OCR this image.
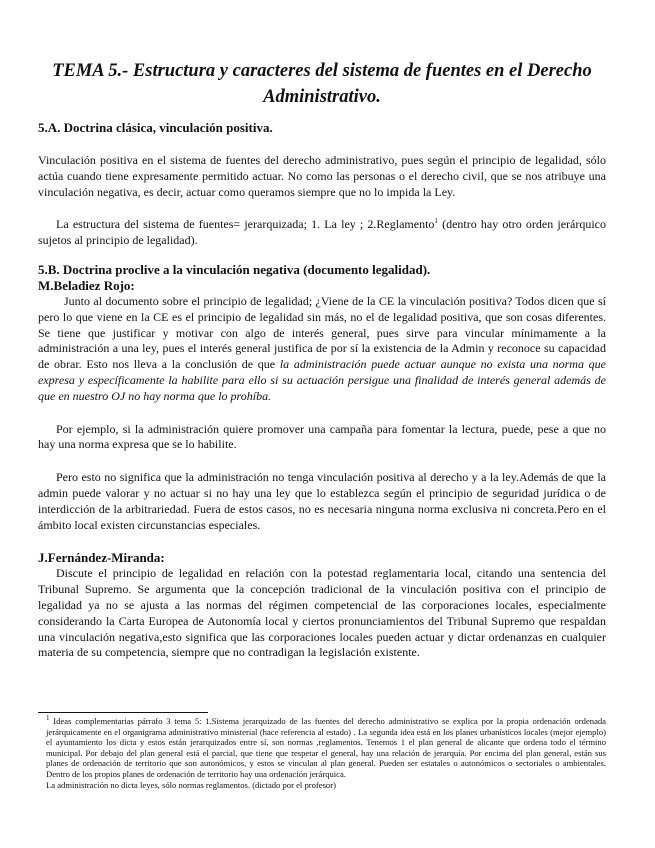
TEMA 5.- Estructura y caracteres del sistema de fuentes en el Derecho Administrativo.
5.A. Doctrina clásica, vinculación positiva.

Vinculación positiva en el sistema de fuentes del derecho administrativo, pues según el principio de legalidad, sólo actúa cuando tiene expresamente permitido actuar. No como las personas o el derecho civil, que se nos atribuye una vinculación negativa, es decir, actuar como queramos siempre que no lo impida la Ley.

La estructura del sistema de fuentes= jerarquizada; 1. La ley ; 2.Reglamento$^1$ (dentro hay otro orden jerárquico sujetos al principio de legalidad).

5.B. Doctrina proclive a la vinculación negativa (documento legalidad).
M.Beladiez Rojo:

Junto al documento sobre el principio de legalidad; ¿Viene de la CE la vinculación positiva? Todos dicen que sí pero lo que viene en la CE es el principio de legalidad sin más, no el de legalidad positiva, que son cosas diferentes. Se tiene que justificar y motivar con algo de interés general, pues sirve para vincular mínimamente a la administración a una ley, pues el interés general justifica de por sí la existencia de la Admin y reconoce su capacidad de obrar. Esto nos lleva a la conclusión de que la administración puede actuar aunque no exista una norma que expresa y específicamente la habilite para ello si su actuación persigue una finalidad de interés general además de que en nuestro OJ no hay norma que lo prohíba.

Por ejemplo, si la administración quiere promover una campaña para fomentar la lectura, puede, pese a que no hay una norma expresa que se lo habilite.

Pero esto no significa que la administración no tenga vinculación positiva al derecho y a la ley.Además de que la admin puede valorar y no actuar si no hay una ley que lo establezca según el principio de seguridad jurídica o de interdicción de la arbitrariedad. Fuera de estos casos, no es necesaria ninguna norma exclusiva ni concreta.Pero en el ámbito local existen circunstancias especiales.

J.Fernández-Miranda:

Discute el principio de legalidad en relación con la potestad reglamentaria local, citando una sentencia del Tribunal Supremo. Se argumenta que la concepción tradicional de la vinculación positiva con el principio de legalidad ya no se ajusta a las normas del régimen competencial de las corporaciones locales, especialmente considerando la Carta Europea de Autonomía local y ciertos pronunciamientos del Tribunal Supremo que respaldan una vinculación negativa,esto significa que las corporaciones locales pueden actuar y dictar ordenanzas en cualquier materia de su competencia, siempre que no contradigan la legislación existente.

$^1$ Ideas complementarias párrafo 3 tema 5: 1.Sistema jerarquizado de las fuentes del derecho administrativo se explica por la propia ordenación ordenada jerárquicamente en el organigrama administrativo ministerial (hace referencia al estado) . La segunda idea está en los planes urbanísticos locales (mejor ejemplo) el ayuntamiento los dicta y estos están jerarquizados entre sí, son normas ,reglamentos. Tenemos 1 el plan general de alicante que ordena todo el término municipal. Por debajo del plan general está el parcial, que tiene que respetar el general, hay una relación de jerarquía. Por encima del plan general, están sus planes de ordenación de territorio que son autonómicos, y estos se vinculan al plan general. Pueden ser estatales o autonómicos o sectoriales o ambientales. Dentro de los propios planes de ordenación de territorio hay una ordenación jerárquica.
La administración no dicta leyes, sólo normas reglamentos. (dictado por el profesor)
